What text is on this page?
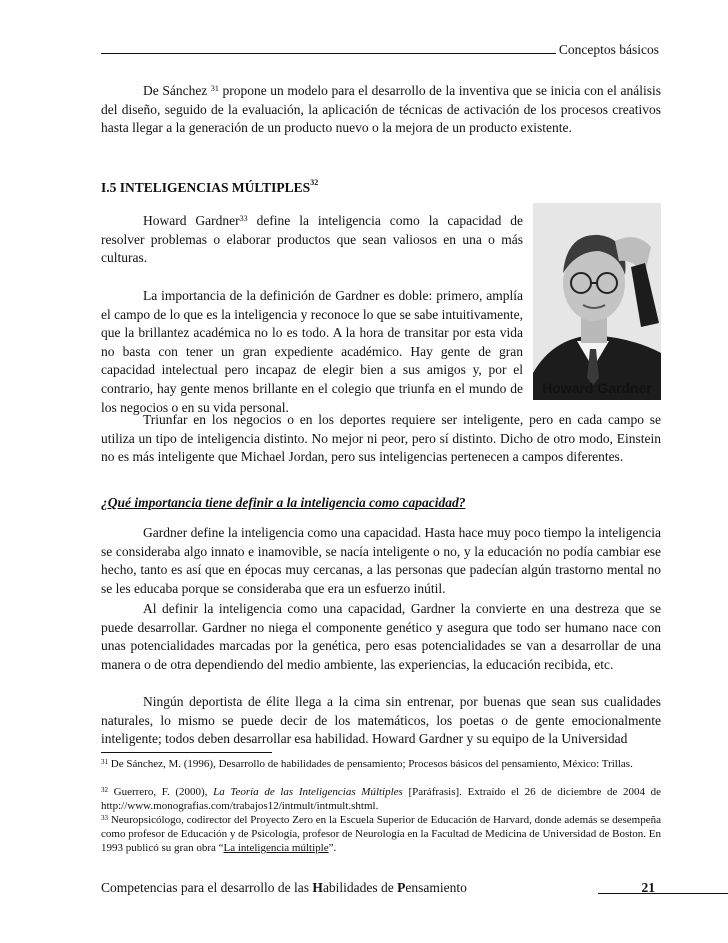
Conceptos básicos

De Sánchez $^{31}$ propone un modelo para el desarrollo de la inventiva que se inicia con el análisis del diseño, seguido de la evaluación, la aplicación de técnicas de activación de los procesos creativos hasta llegar a la generación de un producto nuevo o la mejora de un producto existente.

I.5 INTELIGENCIAS MÚLTIPLES$^{32}$

Howard Gardner$^{33}$ define la inteligencia como la capacidad de resolver problemas o elaborar productos que sean valiosos en una o más culturas.

La importancia de la definición de Gardner es doble: primero, amplía el campo de lo que es la inteligencia y reconoce lo que se sabe intuitivamente, que la brillantez académica no lo es todo. A la hora de transitar por esta vida no basta con tener un gran expediente académico. Hay gente de gran capacidad intelectual pero incapaz de elegir bien a sus amigos y, por el contrario, hay gente menos brillante en el colegio que triunfa en el mundo de los negocios o en su vida personal.

Howard Gardner

Triunfar en los negocios o en los deportes requiere ser inteligente, pero en cada campo se utiliza un tipo de inteligencia distinto. No mejor ni peor, pero sí distinto. Dicho de otro modo, Einstein no es más inteligente que Michael Jordan, pero sus inteligencias pertenecen a campos diferentes.

¿Qué importancia tiene definir a la inteligencia como capacidad?

Gardner define la inteligencia como una capacidad. Hasta hace muy poco tiempo la inteligencia se consideraba algo innato e inamovible, se nacía inteligente o no, y la educación no podía cambiar ese hecho, tanto es así que en épocas muy cercanas, a las personas que padecían algún trastorno mental no se les educaba porque se consideraba que era un esfuerzo inútil.

Al definir la inteligencia como una capacidad, Gardner la convierte en una destreza que se puede desarrollar. Gardner no niega el componente genético y asegura que todo ser humano nace con unas potencialidades marcadas por la genética, pero esas potencialidades se van a desarrollar de una manera o de otra dependiendo del medio ambiente, las experiencias, la educación recibida, etc.

Ningún deportista de élite llega a la cima sin entrenar, por buenas que sean sus cualidades naturales, lo mismo se puede decir de los matemáticos, los poetas o de gente emocionalmente inteligente; todos deben desarrollar esa habilidad. Howard Gardner y su equipo de la Universidad

$^{31}$ De Sánchez, M. (1996), Desarrollo de habilidades de pensamiento; Procesos básicos del pensamiento, México: Trillas.

$^{32}$ Guerrero, F. (2000), La Teoría de las Inteligencias Múltiples [Paráfrasis]. Extraído el 26 de diciembre de 2004 de http://www.monografias.com/trabajos12/intmult/intmult.shtml.

$^{33}$ Neuropsicólogo, codirector del Proyecto Zero en la Escuela Superior de Educación de Harvard, donde además se desempeña como profesor de Educación y de Psicología, profesor de Neurología en la Facultad de Medicina de Universidad de Boston. En 1993 publicó su gran obra “La inteligencia múltiple”.

Competencias para el desarrollo de las Habilidades de Pensamiento	21
